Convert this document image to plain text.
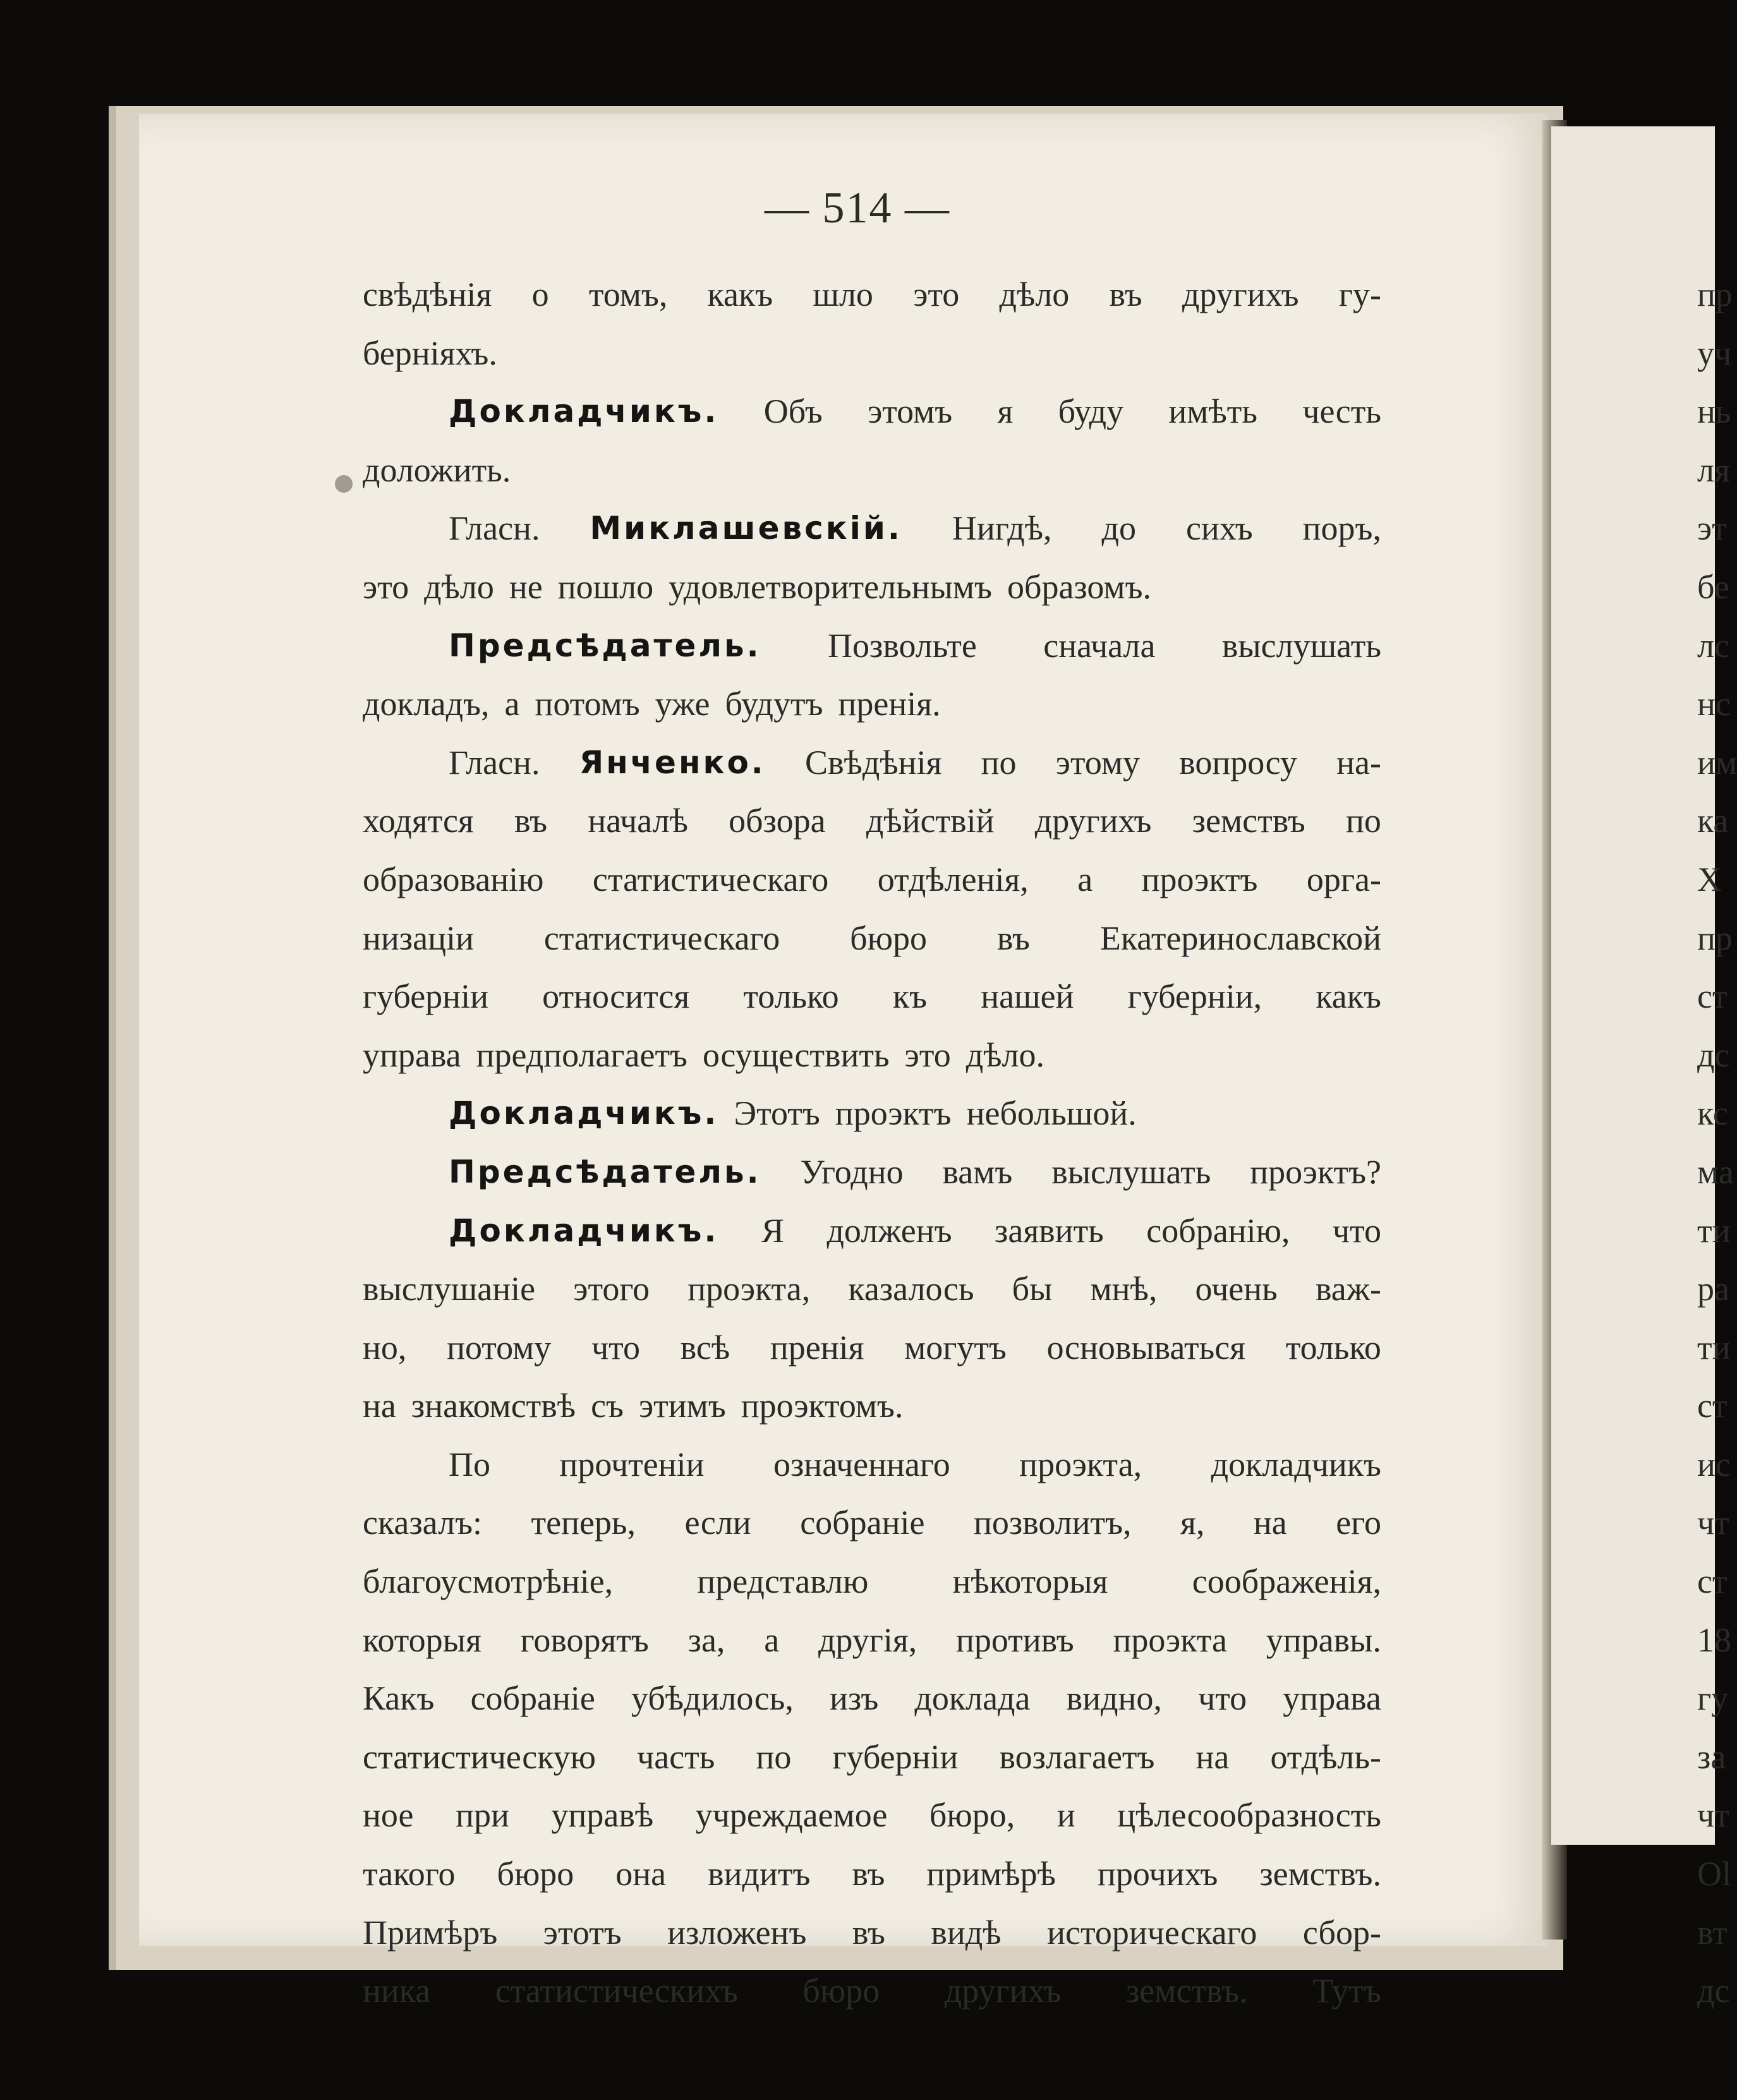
— 514 —
свѣдѣнія о томъ, какъ шло это дѣло въ другихъ гу-
берніяхъ.
Докладчикъ. Объ этомъ я буду имѣть честь
доложить.
Гласн. Миклашевскій. Нигдѣ, до сихъ поръ,
это дѣло не пошло удовлетворительнымъ образомъ.
Предсѣдатель. Позвольте сначала выслушать
докладъ, а потомъ уже будутъ пренія.
Гласн. Янченко. Свѣдѣнія по этому вопросу на-
ходятся въ началѣ обзора дѣйствій другихъ земствъ по
образованію статистическаго отдѣленія, а проэктъ орга-
низаціи статистическаго бюро въ Екатеринославской
губерніи относится только къ нашей губерніи, какъ
управа предполагаетъ осуществить это дѣло.
Докладчикъ. Этотъ проэктъ небольшой.
Предсѣдатель. Угодно вамъ выслушать проэктъ?
Докладчикъ. Я долженъ заявить собранію, что
выслушаніе этого проэкта, казалось бы мнѣ, очень важ-
но, потому что всѣ пренія могутъ основываться только
на знакомствѣ съ этимъ проэктомъ.
По прочтеніи означеннаго проэкта, докладчикъ
сказалъ: теперь, если собраніе позволитъ, я, на его
благоусмотрѣніе, представлю нѣкоторыя соображенія,
которыя говорятъ за, а другія, противъ проэкта управы.
Какъ собраніе убѣдилось, изъ доклада видно, что управа
статистическую часть по губерніи возлагаетъ на отдѣль-
ное при управѣ учреждаемое бюро, и цѣлесообразность
такого бюро она видитъ въ примѣрѣ прочихъ земствъ.
Примѣръ этотъ изложенъ въ видѣ историческаго сбор-
ника статистическихъ бюро другихъ земствъ. Тутъ
пр
уч
нь
ля
эт
бе
лс
нс
им
ка
Х
пр
ст
дс
кс
ма
ти
ра
ти
ст
ис
чт
ст
18
гу
за
чт
Ol
вт
дс
